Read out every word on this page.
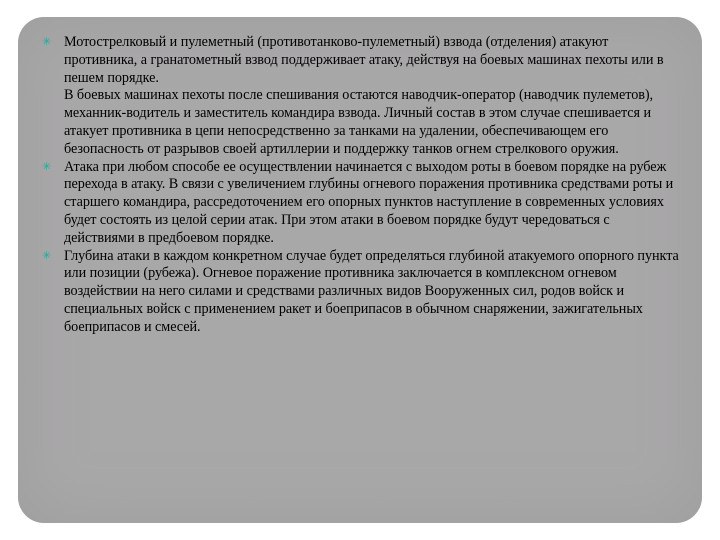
✳ Мотострелковый и пулеметный (противотанково-пулеметный) взвода (отделения) атакуют противника, а гранатометный взвод поддерживает атаку, действуя на боевых машинах пехоты или в пешем порядке.
В боевых машинах пехоты после спешивания остаются наводчик-оператор (наводчик пулеметов), механник-водитель и заместитель командира взвода. Личный состав в этом случае спешивается и атакует противника в цепи непосредственно за танками на удалении, обеспечивающем его безопасность от разрывов своей артиллерии и поддержку танков огнем стрелкового оружия.
✳ Атака при любом способе ее осуществлении начинается с выходом роты в боевом порядке на рубеж перехода в атаку. В связи с увеличением глубины огневого поражения противника средствами роты и старшего командира, рассредоточением его опорных пунктов наступление в современных условиях будет состоять из целой серии атак. При этом атаки в боевом порядке будут чередоваться с действиями в предбоевом порядке.
✳ Глубина атаки в каждом конкретном случае будет определяться глубиной атакуемого опорного пункта или позиции (рубежа). Огневое поражение противника заключается в комплексном огневом воздействии на него силами и средствами различных видов Вооруженных сил, родов войск и специальных войск с применением ракет и боеприпасов в обычном снаряжении, зажигательных боеприпасов и смесей.
